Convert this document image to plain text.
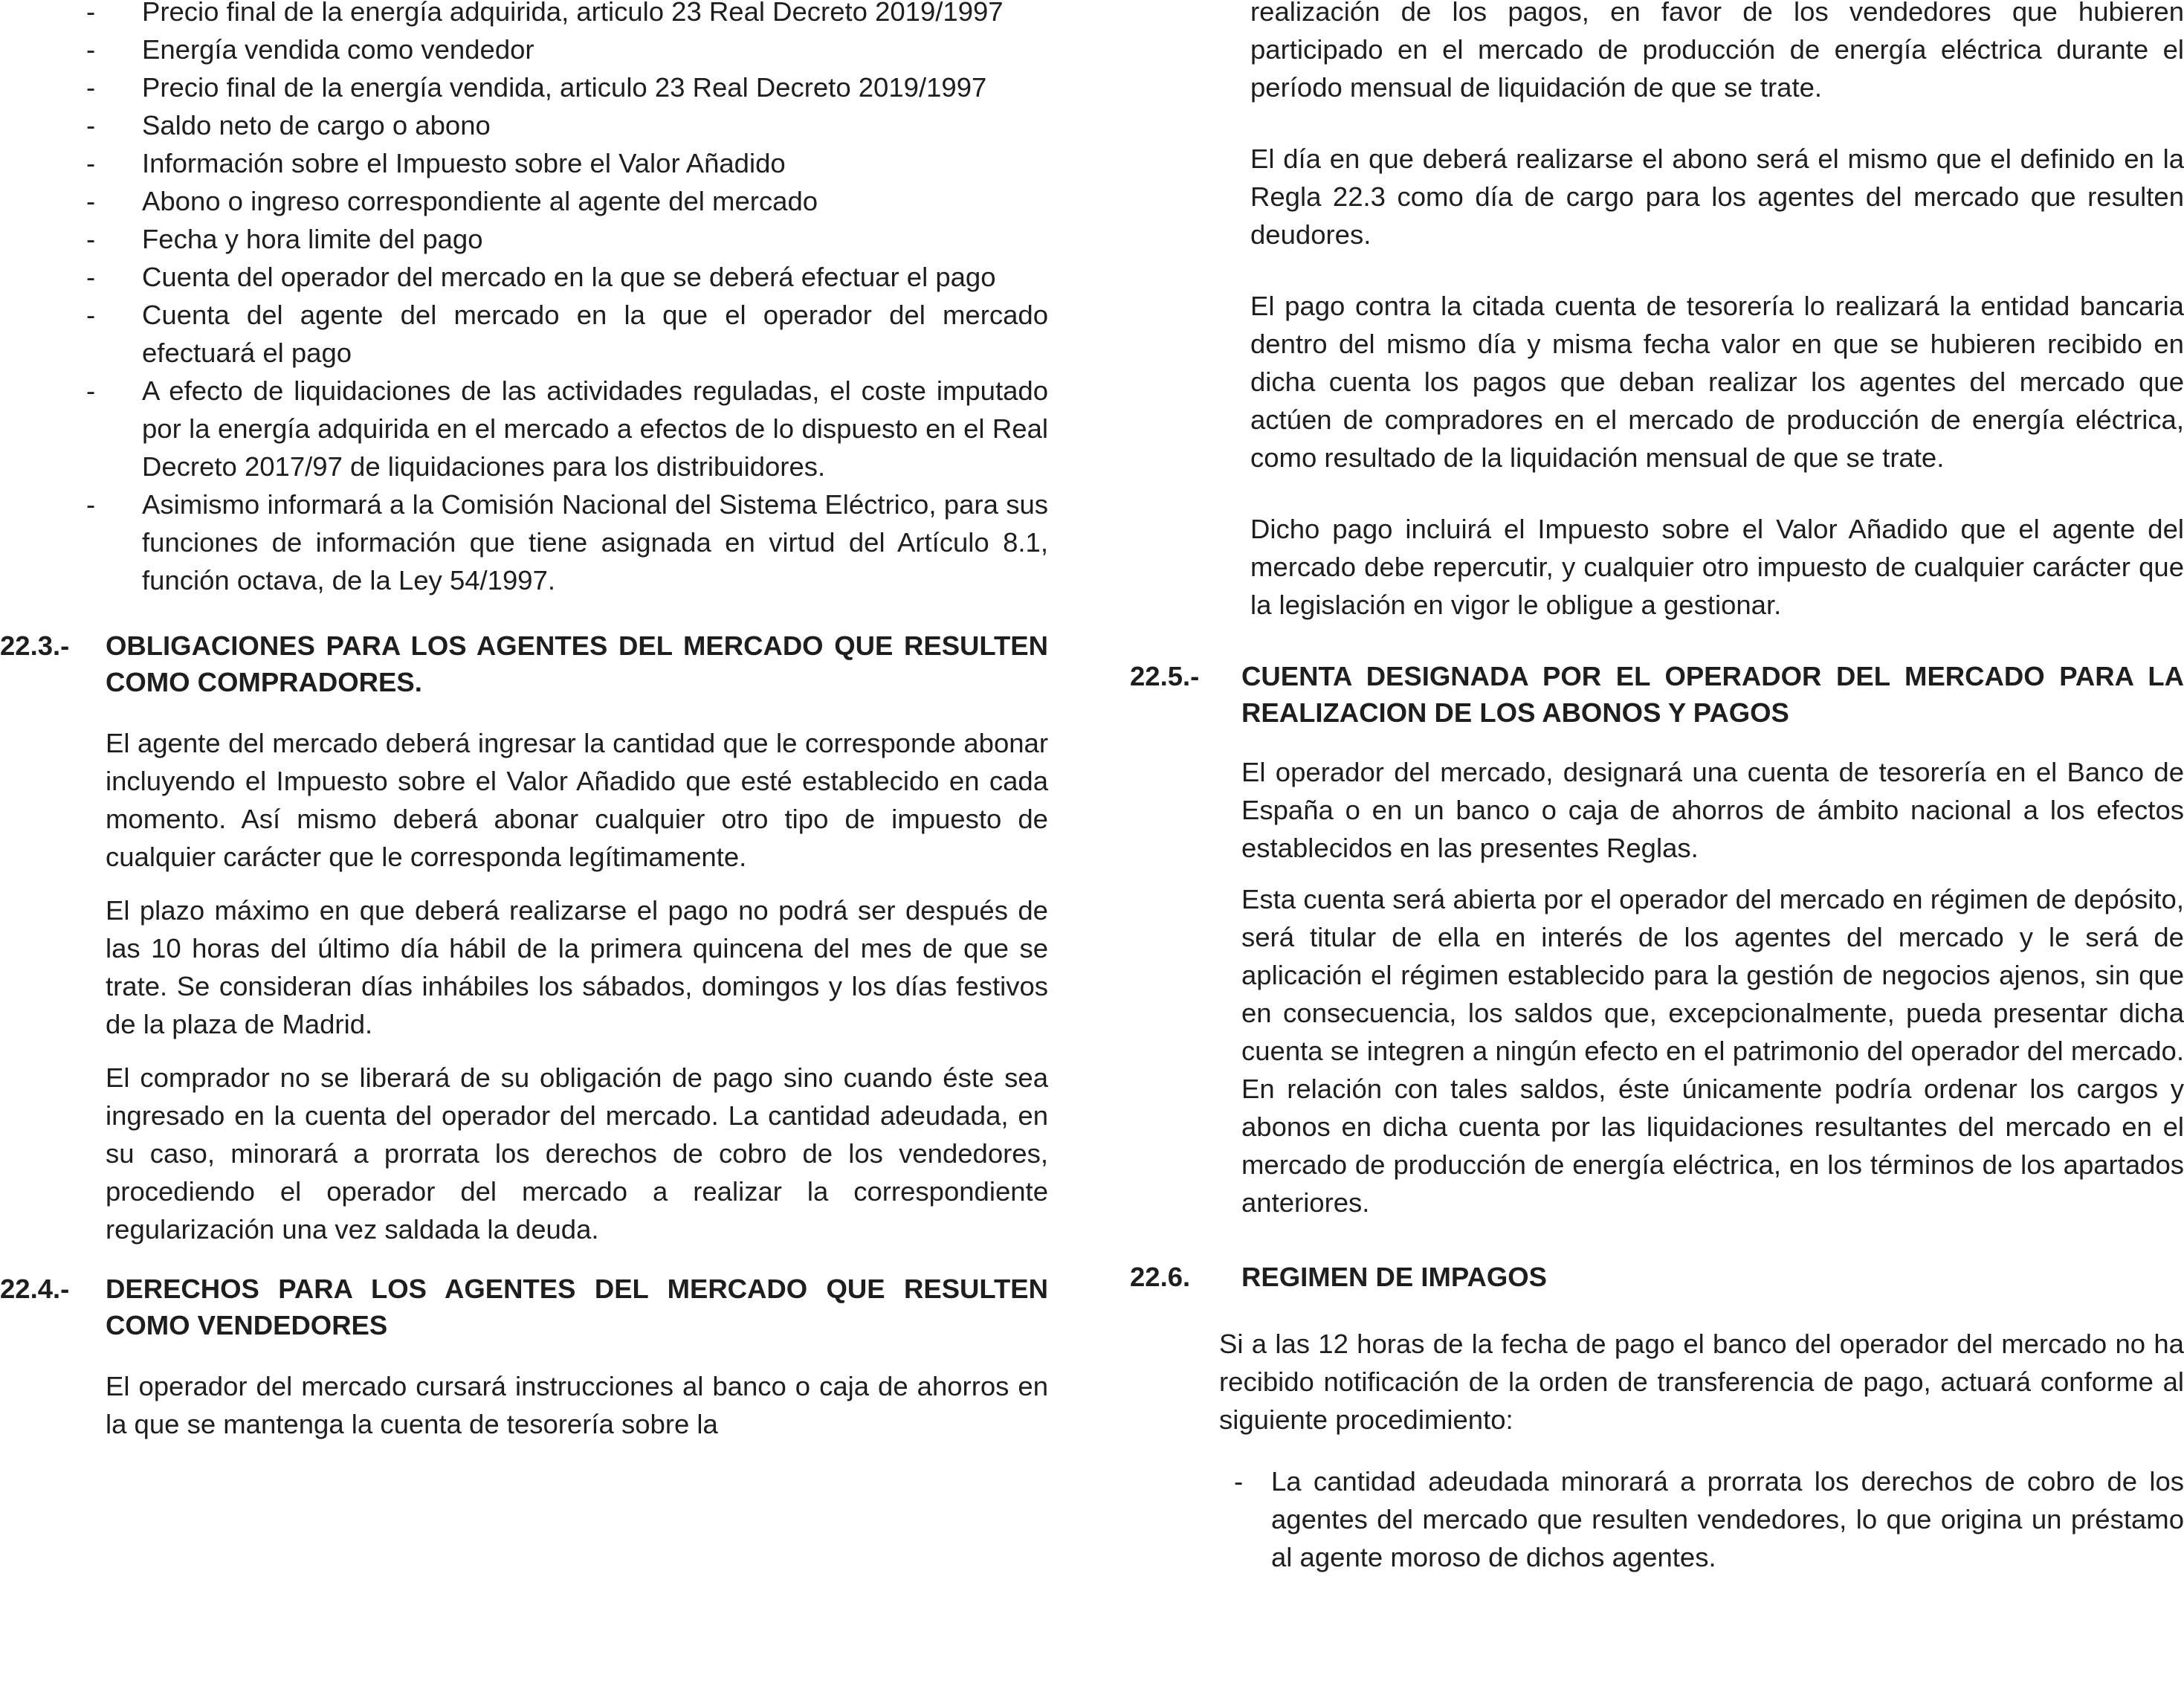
- Precio final de la energía adquirida, articulo 23 Real Decreto 2019/1997
- Energía vendida como vendedor
- Precio final de la energía vendida, articulo 23 Real Decreto 2019/1997
- Saldo neto de cargo o abono
- Información sobre el Impuesto sobre el Valor Añadido
- Abono o ingreso correspondiente al agente del mercado
- Fecha y hora limite del pago
- Cuenta del operador del mercado en la que se deberá efectuar el pago
- Cuenta del agente del mercado en la que el operador del mercado efectuará el pago
- A efecto de liquidaciones de las actividades reguladas, el coste imputado por la energía adquirida en el mercado a efectos de lo dispuesto en el Real Decreto 2017/97 de liquidaciones para los distribuidores.
- Asimismo informará a la Comisión Nacional del Sistema Eléctrico, para sus funciones de información que tiene asignada en virtud del Artículo 8.1, función octava, de la Ley 54/1997.
22.3.- OBLIGACIONES PARA LOS AGENTES DEL MERCADO QUE RESULTEN COMO COMPRADORES.

El agente del mercado deberá ingresar la cantidad que le corresponde abonar incluyendo el Impuesto sobre el Valor Añadido que esté establecido en cada momento. Así mismo deberá abonar cualquier otro tipo de impuesto de cualquier carácter que le corresponda legítimamente.

El plazo máximo en que deberá realizarse el pago no podrá ser después de las 10 horas del último día hábil de la primera quincena del mes de que se trate. Se consideran días inhábiles los sábados, domingos y los días festivos de la plaza de Madrid.

El comprador no se liberará de su obligación de pago sino cuando éste sea ingresado en la cuenta del operador del mercado. La cantidad adeudada, en su caso, minorará a prorrata los derechos de cobro de los vendedores, procediendo el operador del mercado a realizar la correspondiente regularización una vez saldada la deuda.

22.4.- DERECHOS PARA LOS AGENTES DEL MERCADO QUE RESULTEN COMO VENDEDORES

El operador del mercado cursará instrucciones al banco o caja de ahorros en la que se mantenga la cuenta de tesorería sobre la

realización de los pagos, en favor de los vendedores que hubieren participado en el mercado de producción de energía eléctrica durante el período mensual de liquidación de que se trate.

El día en que deberá realizarse el abono será el mismo que el definido en la Regla 22.3 como día de cargo para los agentes del mercado que resulten deudores.

El pago contra la citada cuenta de tesorería lo realizará la entidad bancaria dentro del mismo día y misma fecha valor en que se hubieren recibido en dicha cuenta los pagos que deban realizar los agentes del mercado que actúen de compradores en el mercado de producción de energía eléctrica, como resultado de la liquidación mensual de que se trate.

Dicho pago incluirá el Impuesto sobre el Valor Añadido que el agente del mercado debe repercutir, y cualquier otro impuesto de cualquier carácter que la legislación en vigor le obligue a gestionar.

22.5.- CUENTA DESIGNADA POR EL OPERADOR DEL MERCADO PARA LA REALIZACION DE LOS ABONOS Y PAGOS

El operador del mercado, designará una cuenta de tesorería en el Banco de España o en un banco o caja de ahorros de ámbito nacional a los efectos establecidos en las presentes Reglas.

Esta cuenta será abierta por el operador del mercado en régimen de depósito, será titular de ella en interés de los agentes del mercado y le será de aplicación el régimen establecido para la gestión de negocios ajenos, sin que en consecuencia, los saldos que, excepcionalmente, pueda presentar dicha cuenta se integren a ningún efecto en el patrimonio del operador del mercado. En relación con tales saldos, éste únicamente podría ordenar los cargos y abonos en dicha cuenta por las liquidaciones resultantes del mercado en el mercado de producción de energía eléctrica, en los términos de los apartados anteriores.

22.6. REGIMEN DE IMPAGOS

Si a las 12 horas de la fecha de pago el banco del operador del mercado no ha recibido notificación de la orden de transferencia de pago, actuará conforme al siguiente procedimiento:

- La cantidad adeudada minorará a prorrata los derechos de cobro de los agentes del mercado que resulten vendedores, lo que origina un préstamo al agente moroso de dichos agentes.
